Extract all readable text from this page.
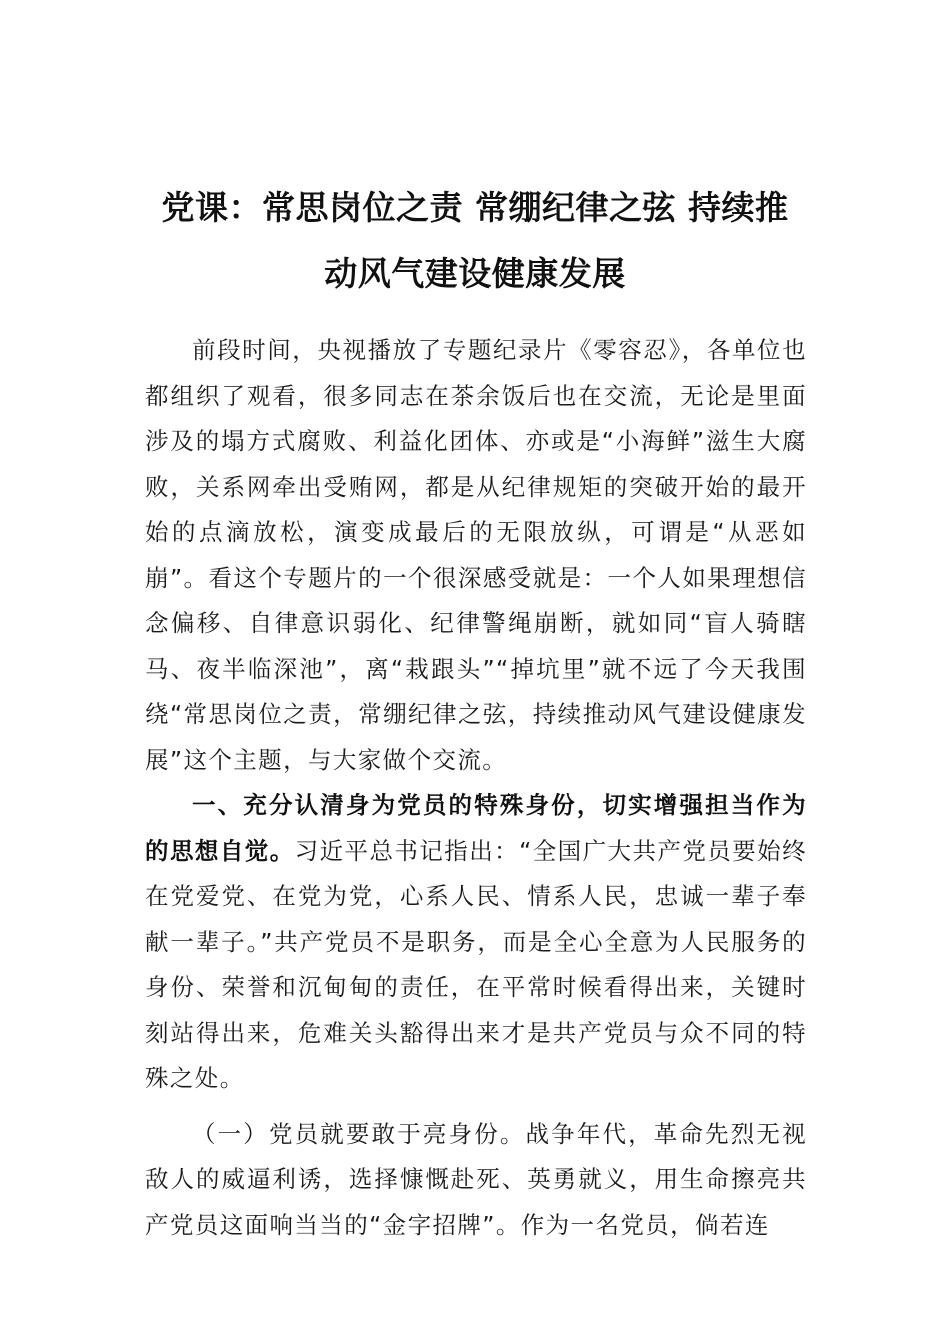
党课：常思岗位之责 常绷纪律之弦 持续推
动风气建设健康发展

前段时间，央视播放了专题纪录片《零容忍》，各单位也都组织了观看，很多同志在茶余饭后也在交流，无论是里面涉及的塌方式腐败、利益化团体、亦或是“小海鲜”滋生大腐败，关系网牵出受贿网，都是从纪律规矩的突破开始的最开始的点滴放松，演变成最后的无限放纵，可谓是“从恶如崩”。看这个专题片的一个很深感受就是：一个人如果理想信念偏移、自律意识弱化、纪律警绳崩断，就如同“盲人骑瞎马、夜半临深池”，离“栽跟头”“掉坑里”就不远了今天我围绕“常思岗位之责，常绷纪律之弦，持续推动风气建设健康发展”这个主题，与大家做个交流。

一、充分认清身为党员的特殊身份，切实增强担当作为的思想自觉。习近平总书记指出：“全国广大共产党员要始终在党爱党、在党为党，心系人民、情系人民，忠诚一辈子奉献一辈子。”共产党员不是职务，而是全心全意为人民服务的身份、荣誉和沉甸甸的责任，在平常时候看得出来，关键时刻站得出来，危难关头豁得出来才是共产党员与众不同的特殊之处。

（一）党员就要敢于亮身份。战争年代，革命先烈无视敌人的威逼利诱，选择慷慨赴死、英勇就义，用生命擦亮共产党员这面响当当的“金字招牌”。作为一名党员，倘若连
